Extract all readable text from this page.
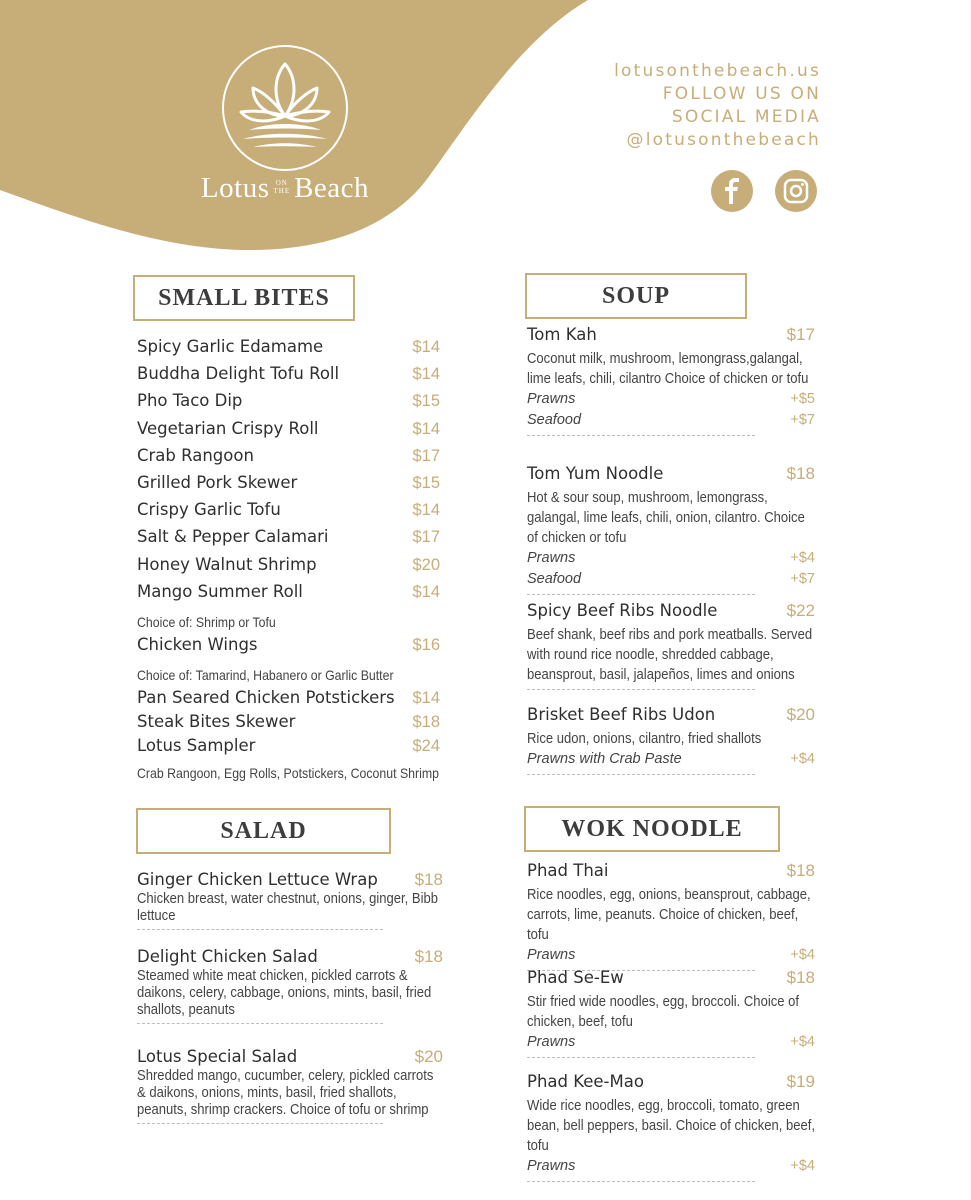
Lotus ON
THE Beach
lotusonthebeach.us
FOLLOW US ON
SOCIAL MEDIA
@lotusonthebeach
SMALL BITES
Spicy Garlic Edamame	$14
Buddha Delight Tofu Roll	$14
Pho Taco Dip	$15
Vegetarian Crispy Roll	$14
Crab Rangoon	$17
Grilled Pork Skewer	$15
Crispy Garlic Tofu	$14
Salt & Pepper Calamari	$17
Honey Walnut Shrimp	$20
Mango Summer Roll	$14
Choice of: Shrimp or Tofu
Chicken Wings	$16
Choice of: Tamarind, Habanero or Garlic Butter
Pan Seared Chicken Potstickers $14
Steak Bites Skewer	$18
Lotus Sampler	$24
Crab Rangoon, Egg Rolls, Potstickers, Coconut Shrimp
SALAD
Ginger Chicken Lettuce Wrap $18
Chicken breast, water chestnut, onions, ginger, Bibb lettuce
Delight Chicken Salad	$18
Steamed white meat chicken, pickled carrots & daikons, celery, cabbage, onions, mints, basil, fried shallots, peanuts
Lotus Special Salad	$20
Shredded mango, cucumber, celery, pickled carrots & daikons, onions, mints, basil, fried shallots, peanuts, shrimp crackers. Choice of tofu or shrimp
SOUP
Tom Kah	$17
Coconut milk, mushroom, lemongrass,galangal, lime leafs, chili, cilantro Choice of chicken or tofu
Prawns	+$5
Seafood	+$7
Tom Yum Noodle	$18
Hot & sour soup, mushroom, lemongrass, galangal, lime leafs, chili, onion, cilantro. Choice of chicken or tofu
Prawns	+$4
Seafood	+$7
Spicy Beef Ribs Noodle	$22
Beef shank, beef ribs and pork meatballs. Served with round rice noodle, shredded cabbage, beansprout, basil, jalapeños, limes and onions
Brisket Beef Ribs Udon	$20
Rice udon, onions, cilantro, fried shallots
Prawns with Crab Paste	+$4
WOK NOODLE
Phad Thai	$18
Rice noodles, egg, onions, beansprout, cabbage, carrots, lime, peanuts. Choice of chicken, beef, tofu
Prawns	+$4
Phad Se-Ew	$18
Stir fried wide noodles, egg, broccoli. Choice of chicken, beef, tofu
Prawns	+$4
Phad Kee-Mao	$19
Wide rice noodles, egg, broccoli, tomato, green bean, bell peppers, basil. Choice of chicken, beef, tofu
Prawns	+$4
